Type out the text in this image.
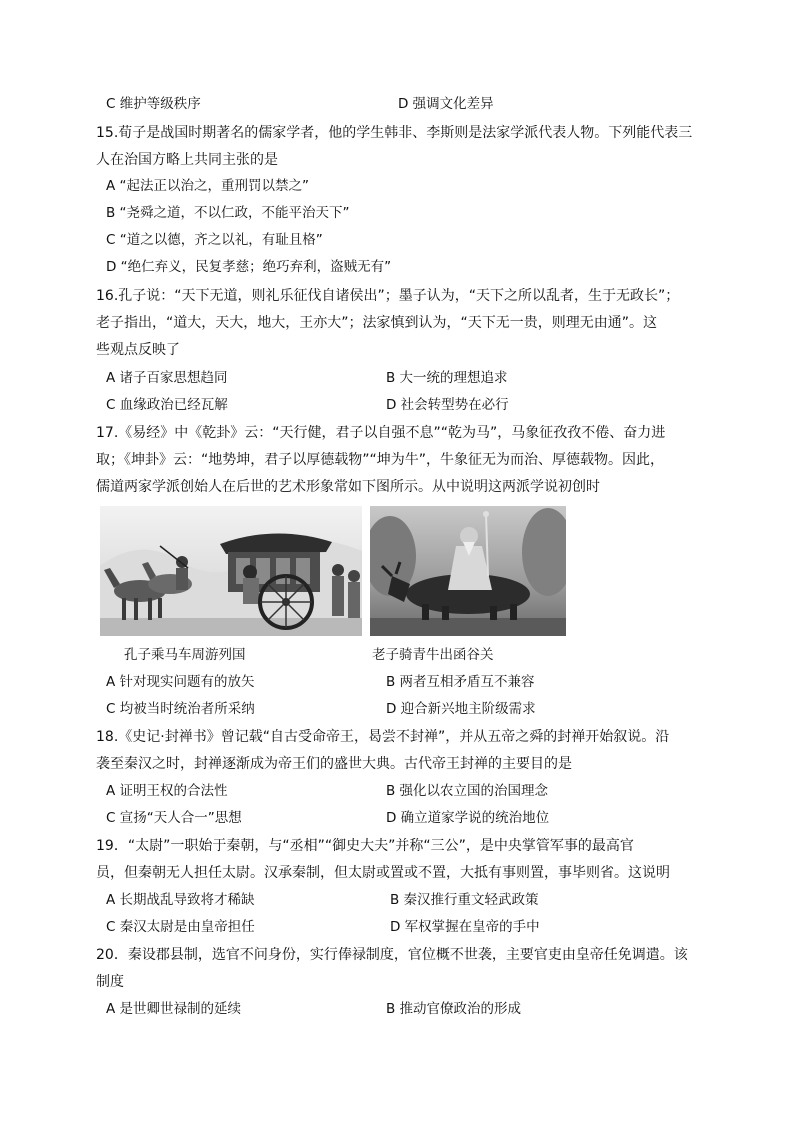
C 维护等级秩序	D 强调文化差异
15.荀子是战国时期著名的儒家学者，他的学生韩非、李斯则是法家学派代表人物。下列能代表三
人在治国方略上共同主张的是
A “起法正以治之，重刑罚以禁之”
B “尧舜之道，不以仁政，不能平治天下”
C “道之以德，齐之以礼，有耻且格”
D “绝仁弃义，民复孝慈；绝巧弃利，盗贼无有”
16.孔子说：“天下无道，则礼乐征伐自诸侯出”；墨子认为，“天下之所以乱者，生于无政长”；
老子指出，“道大，天大，地大，王亦大”；法家慎到认为，“天下无一贵，则理无由通”。这
些观点反映了
A 诸子百家思想趋同	B 大一统的理想追求
C 血缘政治已经瓦解	D 社会转型势在必行
17.《易经》中《乾卦》云：“天行健，君子以自强不息”“乾为马”，马象征孜孜不倦、奋力进
取；《坤卦》云：“地势坤，君子以厚德载物”“坤为牛”，牛象征无为而治、厚德载物。因此，
儒道两家学派创始人在后世的艺术形象常如下图所示。从中说明这两派学说初创时
孔子乘马车周游列国	老子骑青牛出函谷关
A 针对现实问题有的放矢	B 两者互相矛盾互不兼容
C 均被当时统治者所采纳	D 迎合新兴地主阶级需求
18.《史记·封禅书》曾记载“自古受命帝王，曷尝不封禅”，并从五帝之舜的封禅开始叙说。沿
袭至秦汉之时，封禅逐渐成为帝王们的盛世大典。古代帝王封禅的主要目的是
A 证明王权的合法性	B 强化以农立国的治国理念
C 宣扬“天人合一”思想	D 确立道家学说的统治地位
19．“太尉”一职始于秦朝，与“丞相”“御史大夫”并称“三公”，是中央掌管军事的最高官
员，但秦朝无人担任太尉。汉承秦制，但太尉或置或不置，大抵有事则置，事毕则省。这说明
A 长期战乱导致将才稀缺	B 秦汉推行重文轻武政策
C 秦汉太尉是由皇帝担任	D 军权掌握在皇帝的手中
20．秦设郡县制，选官不问身份，实行俸禄制度，官位概不世袭，主要官吏由皇帝任免调遣。该
制度
A 是世卿世禄制的延续	B 推动官僚政治的形成
